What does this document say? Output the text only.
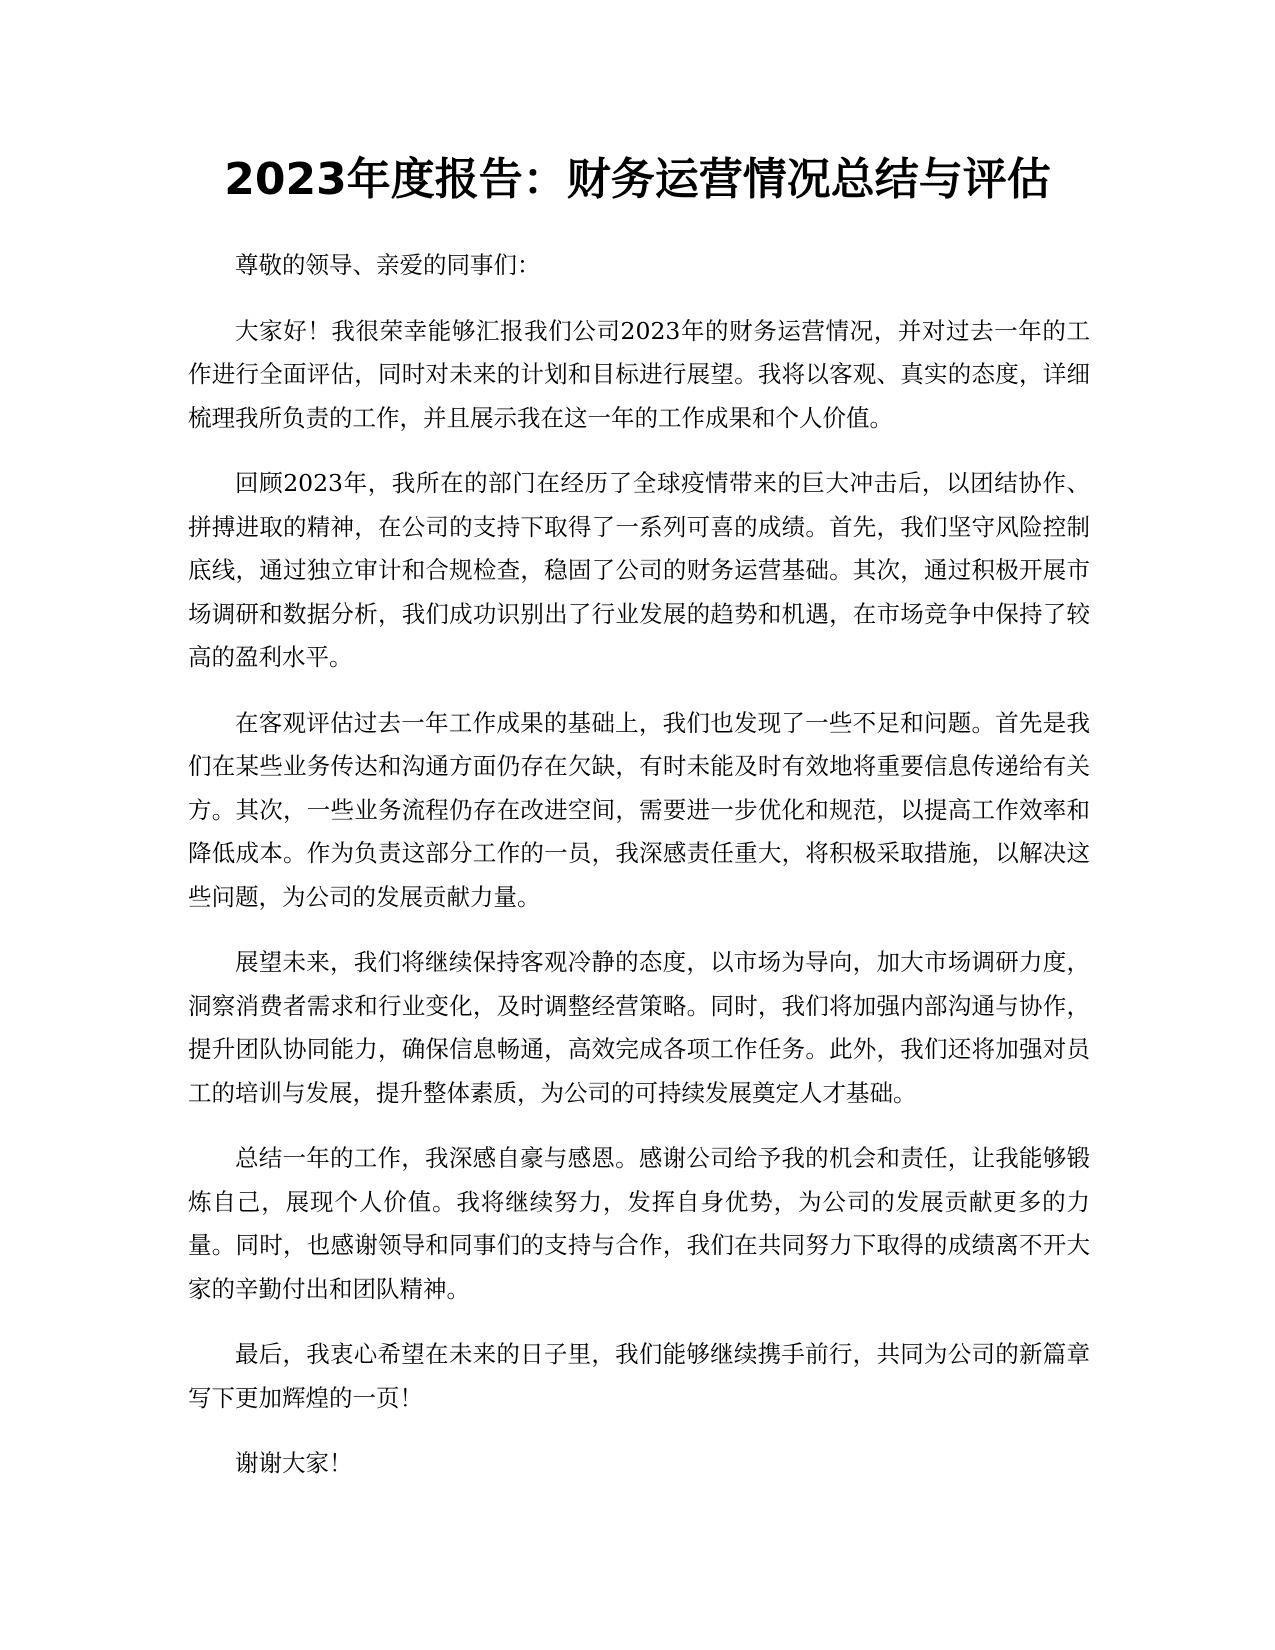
2023年度报告：财务运营情况总结与评估

尊敬的领导、亲爱的同事们：

大家好！我很荣幸能够汇报我们公司2023年的财务运营情况，并对过去一年的工作进行全面评估，同时对未来的计划和目标进行展望。我将以客观、真实的态度，详细梳理我所负责的工作，并且展示我在这一年的工作成果和个人价值。

回顾2023年，我所在的部门在经历了全球疫情带来的巨大冲击后，以团结协作、拼搏进取的精神，在公司的支持下取得了一系列可喜的成绩。首先，我们坚守风险控制底线，通过独立审计和合规检查，稳固了公司的财务运营基础。其次，通过积极开展市场调研和数据分析，我们成功识别出了行业发展的趋势和机遇，在市场竞争中保持了较高的盈利水平。

在客观评估过去一年工作成果的基础上，我们也发现了一些不足和问题。首先是我们在某些业务传达和沟通方面仍存在欠缺，有时未能及时有效地将重要信息传递给有关方。其次，一些业务流程仍存在改进空间，需要进一步优化和规范，以提高工作效率和降低成本。作为负责这部分工作的一员，我深感责任重大，将积极采取措施，以解决这些问题，为公司的发展贡献力量。

展望未来，我们将继续保持客观冷静的态度，以市场为导向，加大市场调研力度，洞察消费者需求和行业变化，及时调整经营策略。同时，我们将加强内部沟通与协作，提升团队协同能力，确保信息畅通，高效完成各项工作任务。此外，我们还将加强对员工的培训与发展，提升整体素质，为公司的可持续发展奠定人才基础。

总结一年的工作，我深感自豪与感恩。感谢公司给予我的机会和责任，让我能够锻炼自己，展现个人价值。我将继续努力，发挥自身优势，为公司的发展贡献更多的力量。同时，也感谢领导和同事们的支持与合作，我们在共同努力下取得的成绩离不开大家的辛勤付出和团队精神。

最后，我衷心希望在未来的日子里，我们能够继续携手前行，共同为公司的新篇章写下更加辉煌的一页！

谢谢大家！
